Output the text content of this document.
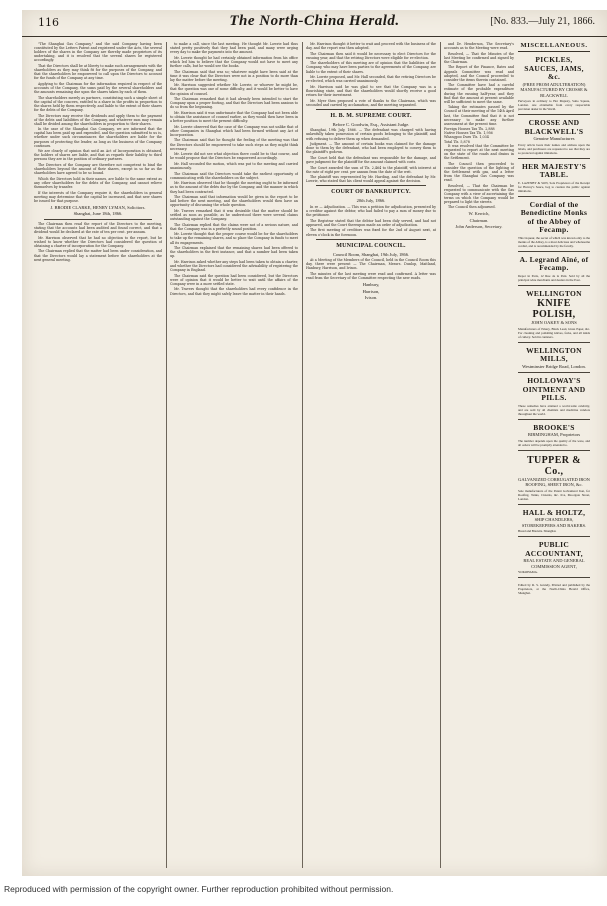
116	The North-China Herald.	[No. 833.—July 21, 1866.

"The Shanghai Gas Company," and the said Company having been constituted by the Letters Patent and registered under the Acts, the several holders of the shares in the Company are thereby made proprietors of its undertaking, and it is resolved that the several shares be registered accordingly.

That the Directors shall be at liberty to make such arrangements with the shareholders as they may think fit for the purposes of the Company, and that the shareholders be empowered to call upon the Directors to account for the funds of the Company at any time.

Applying to the Chairman for the information required in respect of the accounts of the Company, the sums paid by the several shareholders and the amounts remaining due upon the shares taken by each of them.

The shareholders merely as partners, constituting such a simple sheet of the capital of the concern, entitled to a share in the profits in proportion to the shares held by them respectively, and liable to the extent of their shares for the debts of the Company.

The Directors may receive the dividends and apply them to the payment of the debts and liabilities of the Company, and whatever sum may remain shall be divided among the shareholders in proportion to their shares.

In the case of the Shanghai Gas Company, we are informed that the capital has been paid up and expended, and the question submitted to us is, whether under such circumstances the shareholders are liable for the purposes of protecting the lender, as long as the business of the Company continues.

We are clearly of opinion that until an Act of Incorporation is obtained, the holders of shares are liable, and that as regards their liability to third persons they are in the position of ordinary partners.

The Directors of the Company are therefore not competent to bind the shareholders beyond the amount of their shares, except in so far as the shareholders have agreed to be so bound.

Which the Directors hold in their names, are liable to the same extent as any other shareholders for the debts of the Company, and cannot relieve themselves by transfer.

If the interests of the Company require it, the shareholders in general meeting may determine that the capital be increased, and that new shares be issued for that purpose.

J. BRODIE CLARKE, HENRY LYMAN, Solicitors.
Shanghai, June 18th, 1866.

The Chairman then read the report of the Directors to the meeting, stating that the accounts had been audited and found correct, and that a dividend would be declared at the rate of ten per cent. per annum.

Mr. Harrison observed that he had no objection to the report, but he wished to know whether the Directors had considered the question of obtaining a charter of incorporation for the Company.

The Chairman replied that the matter had been under consideration, and that the Directors would lay a statement before the shareholders at the next general meeting.

to make a call, since the last meeting. He thought Mr. Lowrie had thus stated pretty positively that they had been paid, and many were urging every day to make the payments into the amount.

Mr. Lowrie thought he had certainly obtained information from his office which led him to believe that the Company would not have to meet any further calls, but he would see the books.

The Chairman said that was so; whatever might have been said at the time it was clear that the Directors were not in a position to do more than lay the matter before the meeting.

Mr. Harrison suggested whether Mr. Lowrie, or whoever he might be, that the question was one of some difficulty, and it would be better to have the opinion of counsel.

The Chairman remarked that it had already been intended to start the Company upon a proper footing, and that the Directors had been anxious to do so from the beginning.

Mr. Harrison said it was unfortunate that the Company had not been able to obtain the assistance of counsel earlier, as they would then have been in a better position to meet the present difficulty.

Mr. Lowrie observed that the case of the Company was not unlike that of other Companies in Shanghai which had been formed without any Act of Incorporation.

The Chairman said that he thought the feeling of the meeting was that the Directors should be empowered to take such steps as they might think necessary.

Mr. Lowrie did not see what objection there could be to that course, and he would propose that the Directors be empowered accordingly.

Mr. Hall seconded the motion, which was put to the meeting and carried unanimously.

The Chairman said the Directors would take the earliest opportunity of communicating with the shareholders on the subject.

Mr. Harrison observed that he thought the meeting ought to be informed as to the amount of the debts due by the Company, and the manner in which they had been contracted.

The Chairman said that information would be given in the report to be laid before the next meeting, and the shareholders would then have an opportunity of discussing the whole question.

Mr. Travers remarked that it was desirable that the matter should be settled as soon as possible, as he understood there were several claims outstanding against the Company.

The Chairman replied that the claims were not of a serious nature, and that the Company was in a perfectly sound position.

Mr. Lowrie thought that the proper course would be for the shareholders to take up the remaining shares, and so place the Company in funds to meet all its engagements.

The Chairman explained that the remaining shares had been offered to the shareholders in the first instance, and that a number had been taken up.

Mr. Harrison asked whether any steps had been taken to obtain a charter, and whether the Directors had considered the advisability of registering the Company in England.

The Chairman said the question had been considered, but the Directors were of opinion that it would be better to wait until the affairs of the Company were in a more settled state.

Mr. Travers thought that the shareholders had every confidence in the Directors, and that they might safely leave the matter in their hands.

Mr. Harrison thought it better to wait and proceed with the business of the day, and the report was then adopted.

The Chairman then said it would be necessary to elect Directors for the ensuing year, and that the retiring Directors were eligible for re-election.

The shareholders of this meeting are of opinion that the liabilities of the Company, who may have been parties to the agreements of the Company, are liable to the extent of their shares.

Mr. Lowrie proposed, and Mr. Hall seconded, that the retiring Directors be re-elected, which was carried unanimously.

Mr. Harrison said he was glad to see that the Company was in a flourishing state, and that the shareholders would shortly receive a good return for their investment.

Mr. Myer then proposed a vote of thanks to the Chairman, which was seconded and carried by acclamation, and the meeting separated.

H. B. M. SUPREME COURT.
Before C. Goodwin, Esq., Assistant Judge.

Shanghai, 19th July, 1866. — The defendant was charged with having unlawfully taken possession of certain goods belonging to the plaintiff, and with refusing to deliver them up when demanded.

Judgment. — The amount of certain books was claimed for the damage done to them by the defendant, who had been employed to convey them to the plaintiff's godown.

The Court held that the defendant was responsible for the damage, and gave judgment for the plaintiff for the amount claimed with costs.

The Court awarded the sum of Tls. 2,464 to the plaintiff, with interest at the rate of eight per cent. per annum from the date of the writ.

The plaintiff was represented by Mr. Harding, and the defendant by Mr. Lowrie, who stated that his client would appeal against the decision.

COURT OF BANKRUPTCY.
20th July, 1866.

In re — Adjudication. — This was a petition for adjudication, presented by a creditor against the debtor, who had failed to pay a sum of money due to the petitioner.

The Registrar stated that the debtor had been duly served, and had not appeared, and the Court thereupon made an order of adjudication.

The first meeting of creditors was fixed for the 2nd of August next, at eleven o'clock in the forenoon.

MUNICIPAL COUNCIL.
Council Room, Shanghai, 19th July, 1866.

At a Meeting of the Members of the Council, held in the Council Room this day, there were present — The Chairman, Messrs. Dunlop, Maitland, Hanbury, Harrison, and Ivison.

The minutes of the last meeting were read and confirmed. A letter was read from the Secretary of the Committee respecting the new roads.

Hanbury,
Harrison,
Ivison.

and Dr. Henderson, The Secretary's accounts as to the Meeting were read.

Resolved, — That the Minutes of the last Meeting be confirmed and signed by the Chairman.

The Report of the Finance, Rates and Appeals Committee was read and adopted, and the Council proceeded to consider the items therein contained.

The Committee have had a careful estimate of the probable expenditure during the ensuing half-year, and they find that the amount at present available will be sufficient to meet the same.

Taking the estimates passed by the Council at their meeting of the 14th April last, the Committee find that it is not necessary to make any further assessment at the present time.

Foreign Houses Tax Tls. 2,888
Native Houses Tax Tls. 1,956
Whangpoo Dues Tls. 1,034
Total Tls. 5,878

It was resolved that the Committee be requested to report at the next meeting on the state of the roads and drains in the Settlement.

The Council then proceeded to consider the question of the lighting of the Settlement with gas, and a letter from the Shanghai Gas Company was read.

Resolved, — That the Chairman be requested to communicate with the Gas Company with a view of ascertaining the terms on which the Company would be prepared to light the streets.

The Council then adjourned.

W. Kerrich,
Chairman.
John Anderson, Secretary.
MISCELLANEOUS.
PICKLES, SAUCES, JAMS, &c.
(FREE FROM ADULTERATION) MANUFACTURED BY CROSSE & BLACKWELL
Purveyors in ordinary to Her Majesty, Soho Square, London. Are obtainable from every respectable provision dealer in the World.
CROSSE AND BLACKWELL'S
Genuine Manufactures
Every article bears their names and address upon the labels, and purchasers are requested to see that they are so protected against imitations.
HER MAJESTY'S TABLE.
E. LAZENBY & SON, Sole Proprietors of the Receipt for Harvey's Sauce, beg to caution the public against imitations.
Cordial of the Benedictine Monks of the Abbey of Fecamp.
This Liqueur, the secret of which was known only to the monks of the Abbey, is a most delicious and wholesome cordial, and is recommended by the faculty.
A. Legrand Aîné, of Fecamp.
Depot in Paris, 12 Rue de la Paix. Sold by all the principal wine merchants and dealers in the East.
WELLINGTON
KNIFE POLISH,
JOHN OAKEY & SONS
Manufacturers of Emery, Black Lead, Glass Paper, &c. For cleaning and polishing knives, forks, and all kinds of cutlery. Sold in canisters.
WELLINGTON MILLS,
Westminster Bridge Road, London.
HOLLOWAY'S OINTMENT AND PILLS.
These remedies have attained a world-wide celebrity, and are sold by all chemists and medicine vendors throughout the world.
BROOKE'S
BIRMINGHAM, Proprietors
The number depends upon the quality of the ware, and all orders will be promptly attended to.
TUPPER & Co.,
GALVANIZED CORRUGATED IRON ROOFING, SHEET IRON, &c.
Sole manufacturers of the Patent Galvanized Iron, for Roofing, Tanks, Cisterns, &c. 61a, Moorgate Street, London.
HALL & HOLTZ,
SHIP CHANDLERS, STOREKEEPERS AND BAKERS.
Bread and Biscuits. Shanghai.
PUBLIC ACCOUNTANT,
REAL ESTATE AND GENERAL COMMISSION AGENT,
YOKOHAMA.
Edited by R. S. Grundy, Printed and published by the Proprietors, at the North-China Herald Office, Shanghai.
Reproduced with permission of the copyright owner. Further reproduction prohibited without permission.
